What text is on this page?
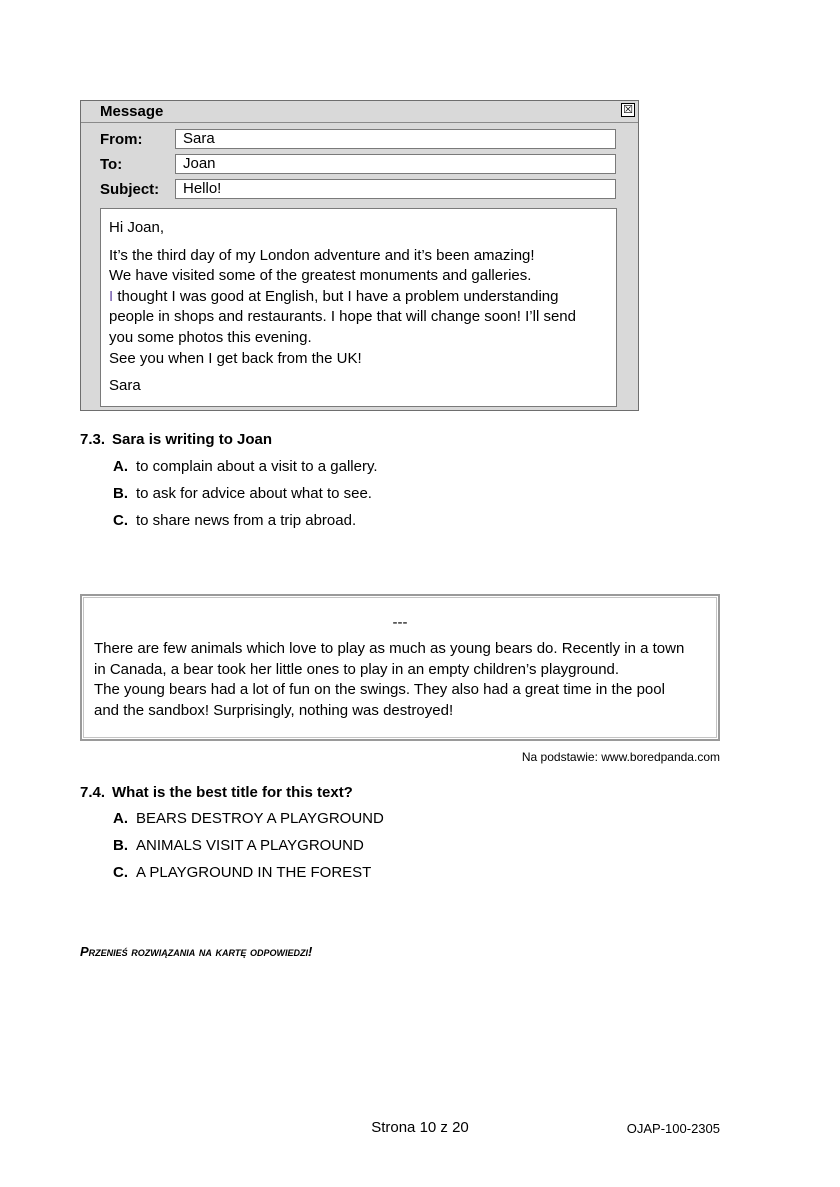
Message	☒
From:	Sara
To:	Joan
Subject:	Hello!

Hi Joan,

It’s the third day of my London adventure and it’s been amazing!

We have visited some of the greatest monuments and galleries.

I thought I was good at English, but I have a problem understanding

people in shops and restaurants. I hope that will change soon! I’ll send

you some photos this evening.

See you when I get back from the UK!

Sara

7.3. Sara is writing to Joan
A. to complain about a visit to a gallery.
B. to ask for advice about what to see.
C. to share news from a trip abroad.
---

There are few animals which love to play as much as young bears do. Recently in a town

in Canada, a bear took her little ones to play in an empty children’s playground.

The young bears had a lot of fun on the swings. They also had a great time in the pool

and the sandbox! Surprisingly, nothing was destroyed!

Na podstawie: www.boredpanda.com
7.4. What is the best title for this text?
A. BEARS DESTROY A PLAYGROUND
B. ANIMALS VISIT A PLAYGROUND
C. A PLAYGROUND IN THE FOREST
Przenieś rozwiązania na kartę odpowiedzi!
Strona 10 z 20	OJAP-100-2305
